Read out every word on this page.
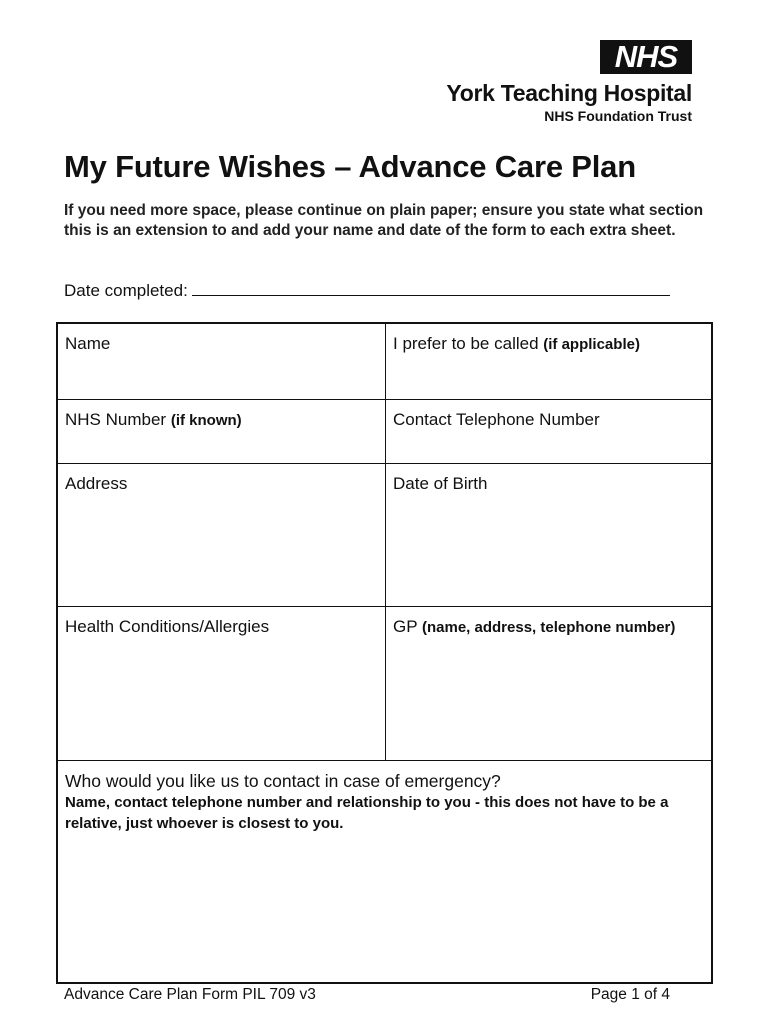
NHS
York Teaching Hospital
NHS Foundation Trust
My Future Wishes – Advance Care Plan
If you need more space, please continue on plain paper; ensure you state what section this is an extension to and add your name and date of the form to each extra sheet.
Date completed:
Name	I prefer to be called (if applicable)
NHS Number (if known)	Contact Telephone Number
Address	Date of Birth
Health Conditions/Allergies	GP (name, address, telephone number)
Who would you like us to contact in case of emergency?
Name, contact telephone number and relationship to you - this does not have to be a relative, just whoever is closest to you.
Advance Care Plan Form PIL 709 v3	Page 1 of 4
